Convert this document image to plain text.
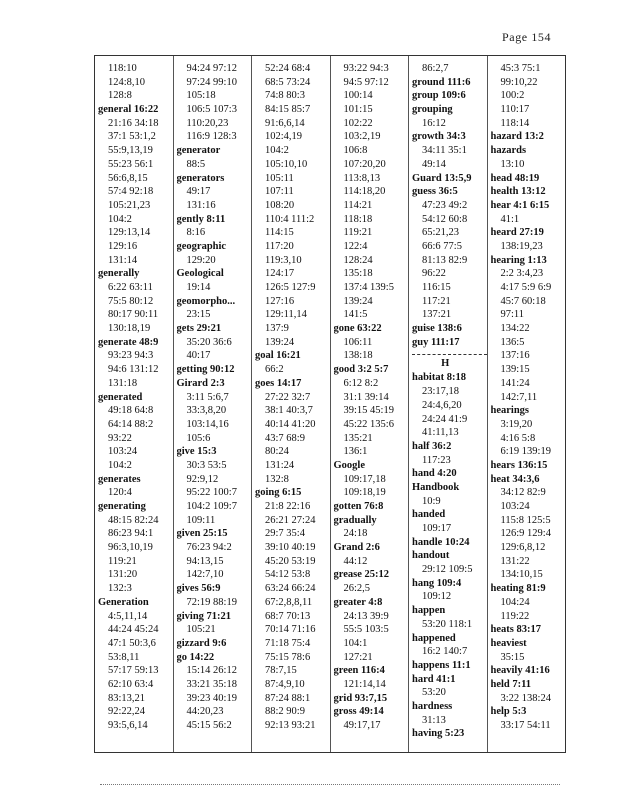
Page 154
118:10
124:8,10
128:8
general 16:22
21:16 34:18
37:1 53:1,2
55:9,13,19
55:23 56:1
56:6,8,15
57:4 92:18
105:21,23
104:2
129:13,14
129:16
131:14
generally
6:22 63:11
75:5 80:12
80:17 90:11
130:18,19
generate 48:9
93:23 94:3
94:6 131:12
131:18
generated
49:18 64:8
64:14 88:2
93:22
103:24
104:2
generates
120:4
generating
48:15 82:24
86:23 94:1
96:3,10,19
119:21
131:20
132:3
Generation
4:5,11,14
44:24 45:24
47:1 50:3,6
53:8,11
57:17 59:13
62:10 63:4
83:13,21
92:22,24
93:5,6,14
94:24 97:12
97:24 99:10
105:18
106:5 107:3
110:20,23
116:9 128:3
generator
88:5
generators
49:17
131:16
gently 8:11
8:16
geographic
129:20
Geological
19:14
geomorpho...
23:15
gets 29:21
35:20 36:6
40:17
getting 90:12
Girard 2:3
3:11 5:6,7
33:3,8,20
103:14,16
105:6
give 15:3
30:3 53:5
92:9,12
95:22 100:7
104:2 109:7
109:11
given 25:15
76:23 94:2
94:13,15
142:7,10
gives 56:9
72:19 88:19
giving 71:21
105:21
gizzard 9:6
go 14:22
15:14 26:12
33:21 35:18
39:23 40:19
44:20,23
45:15 56:2
52:24 68:4
68:5 73:24
74:8 80:3
84:15 85:7
91:6,6,14
102:4,19
104:2
105:10,10
105:11
107:11
108:20
110:4 111:2
114:15
117:20
119:3,10
124:17
126:5 127:9
127:16
129:11,14
137:9
139:24
goal 16:21
66:2
goes 14:17
27:22 32:7
38:1 40:3,7
40:14 41:20
43:7 68:9
80:24
131:24
132:8
going 6:15
21:8 22:16
26:21 27:24
29:7 35:4
39:10 40:19
45:20 53:19
54:12 53:8
63:24 66:24
67:2,8,8,11
68:7 70:13
70:14 71:16
71:18 75:4
75:15 78:6
78:7,15
87:4,9,10
87:24 88:1
88:2 90:9
92:13 93:21
93:22 94:3
94:5 97:12
100:14
101:15
102:22
103:2,19
106:8
107:20,20
113:8,13
114:18,20
114:21
118:18
119:21
122:4
128:24
135:18
137:4 139:5
139:24
141:5
gone 63:22
106:11
138:18
good 3:2 5:7
6:12 8:2
31:1 39:14
39:15 45:19
45:22 135:6
135:21
136:1
Google
109:17,18
109:18,19
gotten 76:8
gradually
24:18
Grand 2:6
44:12
grease 25:12
26:2,5
greater 4:8
24:13 39:9
55:5 103:5
104:1
127:21
green 116:4
121:14,14
grid 93:7,15
gross 49:14
49:17,17
86:2,7
ground 111:6
group 109:6
grouping
16:12
growth 34:3
34:11 35:1
49:14
Guard 13:5,9
guess 36:5
47:23 49:2
54:12 60:8
65:21,23
66:6 77:5
81:13 82:9
96:22
116:15
117:21
137:21
guise 138:6
guy 111:17
H
habitat 8:18
23:17,18
24:4,6,20
24:24 41:9
41:11,13
half 36:2
117:23
hand 4:20
Handbook
10:9
handed
109:17
handle 10:24
handout
29:12 109:5
hang 109:4
109:12
happen
53:20 118:1
happened
16:2 140:7
happens 11:1
hard 41:1
53:20
hardness
31:13
having 5:23
45:3 75:1
99:10,22
100:2
110:17
118:14
hazard 13:2
hazards
13:10
head 48:19
health 13:12
hear 4:1 6:15
41:1
heard 27:19
138:19,23
hearing 1:13
2:2 3:4,23
4:17 5:9 6:9
45:7 60:18
97:11
134:22
136:5
137:16
139:15
141:24
142:7,11
hearings
3:19,20
4:16 5:8
6:19 139:19
hears 136:15
heat 34:3,6
34:12 82:9
103:24
115:8 125:5
126:9 129:4
129:6,8,12
131:22
134:10,15
heating 81:9
104:24
119:22
heats 83:17
heaviest
35:15
heavily 41:16
held 7:11
3:22 138:24
help 5:3
33:17 54:11
